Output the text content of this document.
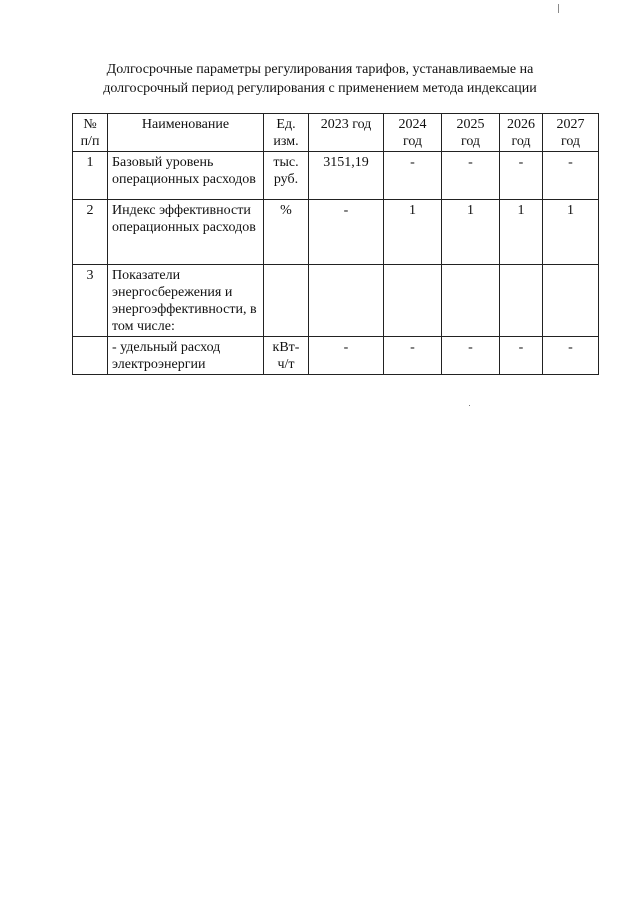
Долгосрочные параметры регулирования тарифов, устанавливаемые на
долгосрочный период регулирования с применением метода индексации
№ п/п	Наименование	Ед. изм.	2023 год	2024 год	2025 год	2026 год	2027 год
1	Базовый уровень операционных расходов	тыс. руб.	3151,19	-	-	-	-
2	Индекс эффективности операционных расходов	%	-	1	1	1	1
3	Показатели энергосбережения и энергоэффективности, в том числе:						
	- удельный расход электроэнергии	кВт-ч/т	-	-	-	-	-
